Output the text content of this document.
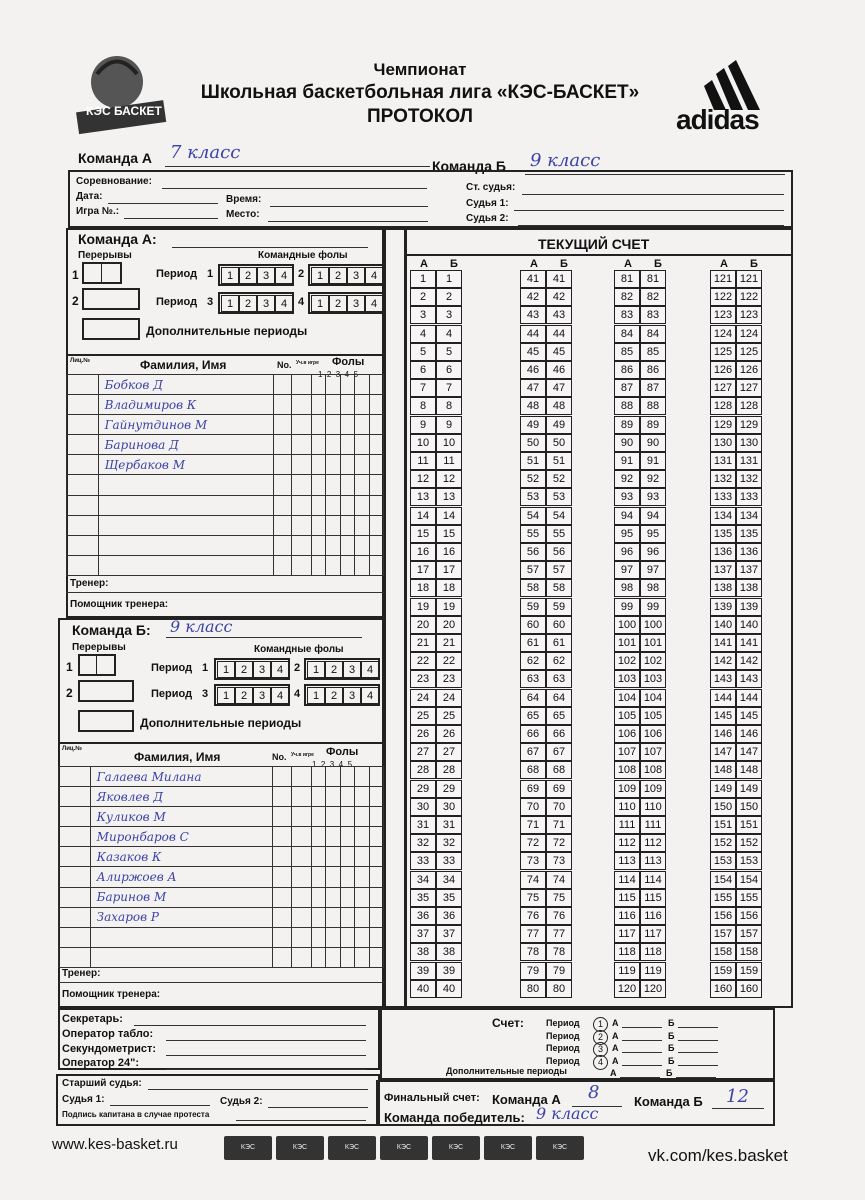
КЭС БАСКЕТ
Чемпионат
Школьная баскетбольная лига «КЭС-БАСКЕТ»
ПРОТОКОЛ	adidas
Команда А 7 класс
Команда Б 9 класс
Соревнование:
Дата:	Время:
Игра №.:	Место:
Ст. судья:
Судья 1:
Судья 2:
Команда А:
Перерывы	Командные фолы
1	Период 1	1	2	3	4 2	1	2	3	4
2	Период 3	1	2	3	4 4	1	2	3	4
Дополнительные периоды
Лиц.№	Фамилия, Имя	No. Уч.в игре Фолы
1  2  3  4  5
	Бобков Д							
	Владимиров К							
	Гайнутдинов М							
	Баринова Д							
	Щербаков М							

Тренер:
Помощник тренера:
Команда Б: 9 класс
Перерывы	Командные фолы
1	Период 1	1	2	3	4 2	1	2	3	4
2	Период 3	1	2	3	4 4	1	2	3	4
Дополнительные периоды
Лиц.№
Фамилия, Имя	No. Уч.в игре Фолы
1  2  3  4  5
	Галаева Милана							
	Яковлев Д							
	Куликов М							
	Миронбаров С							
	Казаков К							
	Алиржоев А							
	Баринов М							
	Захаров Р							

Тренер:
Помощник тренера:
ТЕКУЩИЙ СЧЕТ
А	Б
1	1
2	2
3	3
4	4
5	5
6	6
7	7
8	8
9	9
10	10
11	11
12	12
13	13
14	14
15	15
16	16
17	17
18	18
19	19
20	20
21	21
22	22
23	23
24	24
25	25
26	26
27	27
28	28
29	29
30	30
31	31
32	32
33	33
34	34
35	35
36	36
37	37
38	38
39	39
40	40
А	Б
41	41
42	42
43	43
44	44
45	45
46	46
47	47
48	48
49	49
50	50
51	51
52	52
53	53
54	54
55	55
56	56
57	57
58	58
59	59
60	60
61	61
62	62
63	63
64	64
65	65
66	66
67	67
68	68
69	69
70	70
71	71
72	72
73	73
74	74
75	75
76	76
77	77
78	78
79	79
80	80
А	Б
81	81
82	82
83	83
84	84
85	85
86	86
87	87
88	88
89	89
90	90
91	91
92	92
93	93
94	94
95	95
96	96
97	97
98	98
99	99
100 100
101 101
102 102
103 103
104 104
105 105
106 106
107 107
108 108
109 109
110 110
111 111
112 112
113 113
114 114
115 115
116 116
117 117
118 118
119 119
120 120
А	Б
121 121
122 122
123 123
124 124
125 125
126 126
127 127
128 128
129 129
130 130
131 131
132 132
133 133
134 134
135 135
136 136
137 137
138 138
139 139
140 140
141 141
142 142
143 143
144 144
145 145
146 146
147 147
148 148
149 149
150 150
151 151
152 152
153 153
154 154
155 155
156 156
157 157
158 158
159 159
160 160
Секретарь:
Оператор табло:
Секундометрист:
Оператор 24":
Старший судья:
Судья 1:	Судья 2:
Подпись капитана в случае протеста
Счет: Период	1	А	Б
Период	2	А	Б
Период	3	А	Б
Период	4	А	Б
Дополнительные периоды	А	Б
Финальный счет: Команда А 8	Команда Б 12
Команда победитель: 9 класс
www.kes-basket.ru	КЭС	КЭС	КЭС	КЭС	КЭС	КЭС	КЭС	vk.com/kes.basket
